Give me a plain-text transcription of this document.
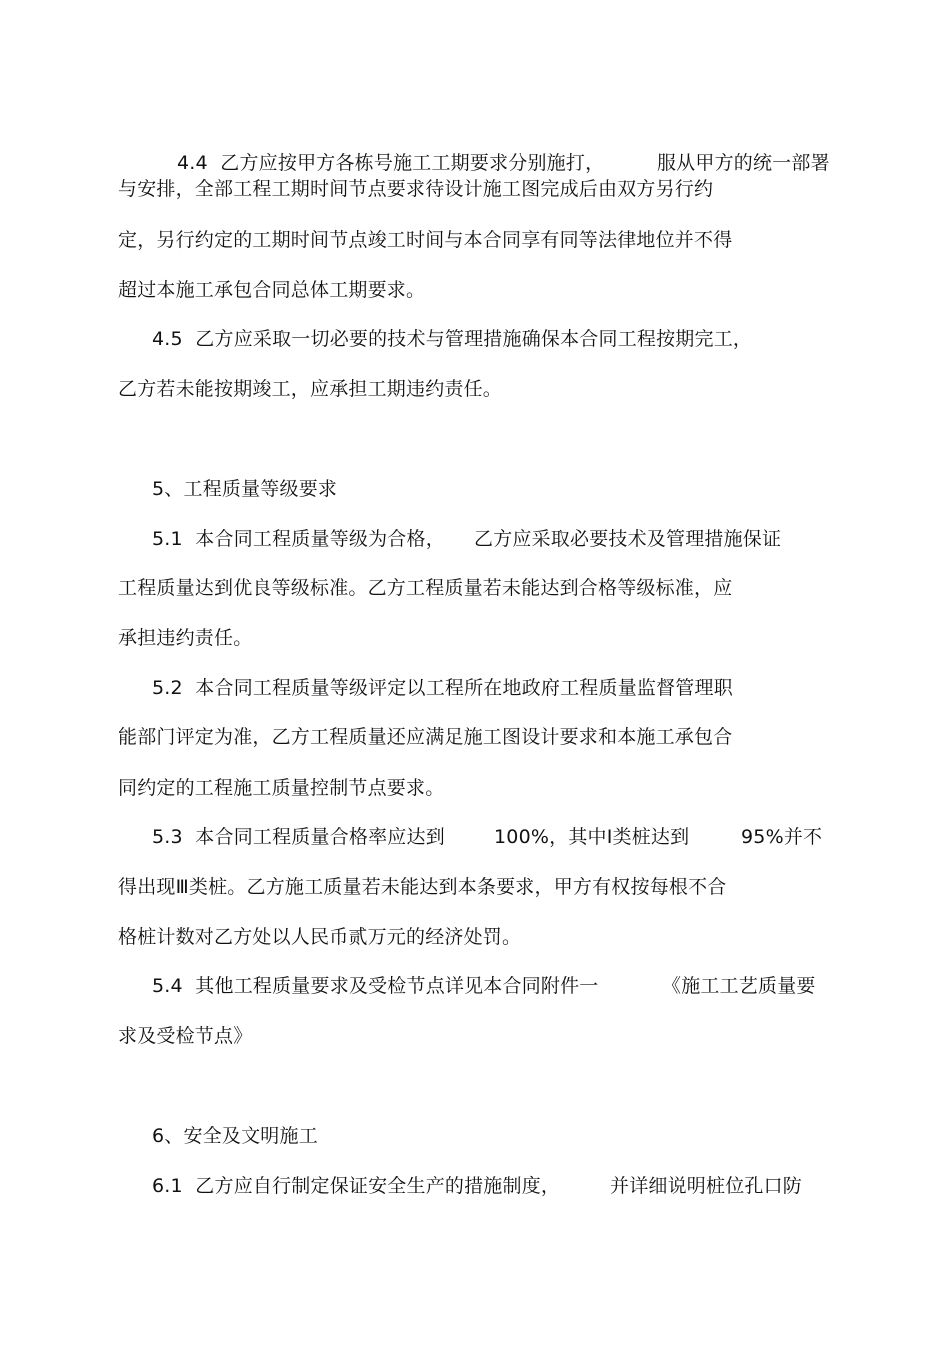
4.4  乙方应按甲方各栋号施工工期要求分别施打，
	服从甲方的统一部署

与安排，全部工程工期时间节点要求待设计施工图完成后由双方另行约
定，另行约定的工期时间节点竣工时间与本合同享有同等法律地位并不得
超过本施工承包合同总体工期要求。
4.5  乙方应采取一切必要的技术与管理措施确保本合同工程按期完工，
乙方若未能按期竣工，应承担工期违约责任。
5、工程质量等级要求
5.1  本合同工程质量等级为合格， 乙方应采取必要技术及管理措施保证
工程质量达到优良等级标准。乙方工程质量若未能达到合格等级标准，应
承担违约责任。
5.2  本合同工程质量等级评定以工程所在地政府工程质量监督管理职
能部门评定为准，乙方工程质量还应满足施工图设计要求和本施工承包合
同约定的工程施工质量控制节点要求。
5.3  本合同工程质量合格率应达到	100%，其中Ⅰ类桩达到	95%并不
得出现Ⅲ类桩。乙方施工质量若未能达到本条要求，甲方有权按每根不合
格桩计数对乙方处以人民币贰万元的经济处罚。
5.4  其他工程质量要求及受检节点详见本合同附件一	《施工工艺质量要
求及受检节点》
6、安全及文明施工
6.1  乙方应自行制定保证安全生产的措施制度，	并详细说明桩位孔口防
